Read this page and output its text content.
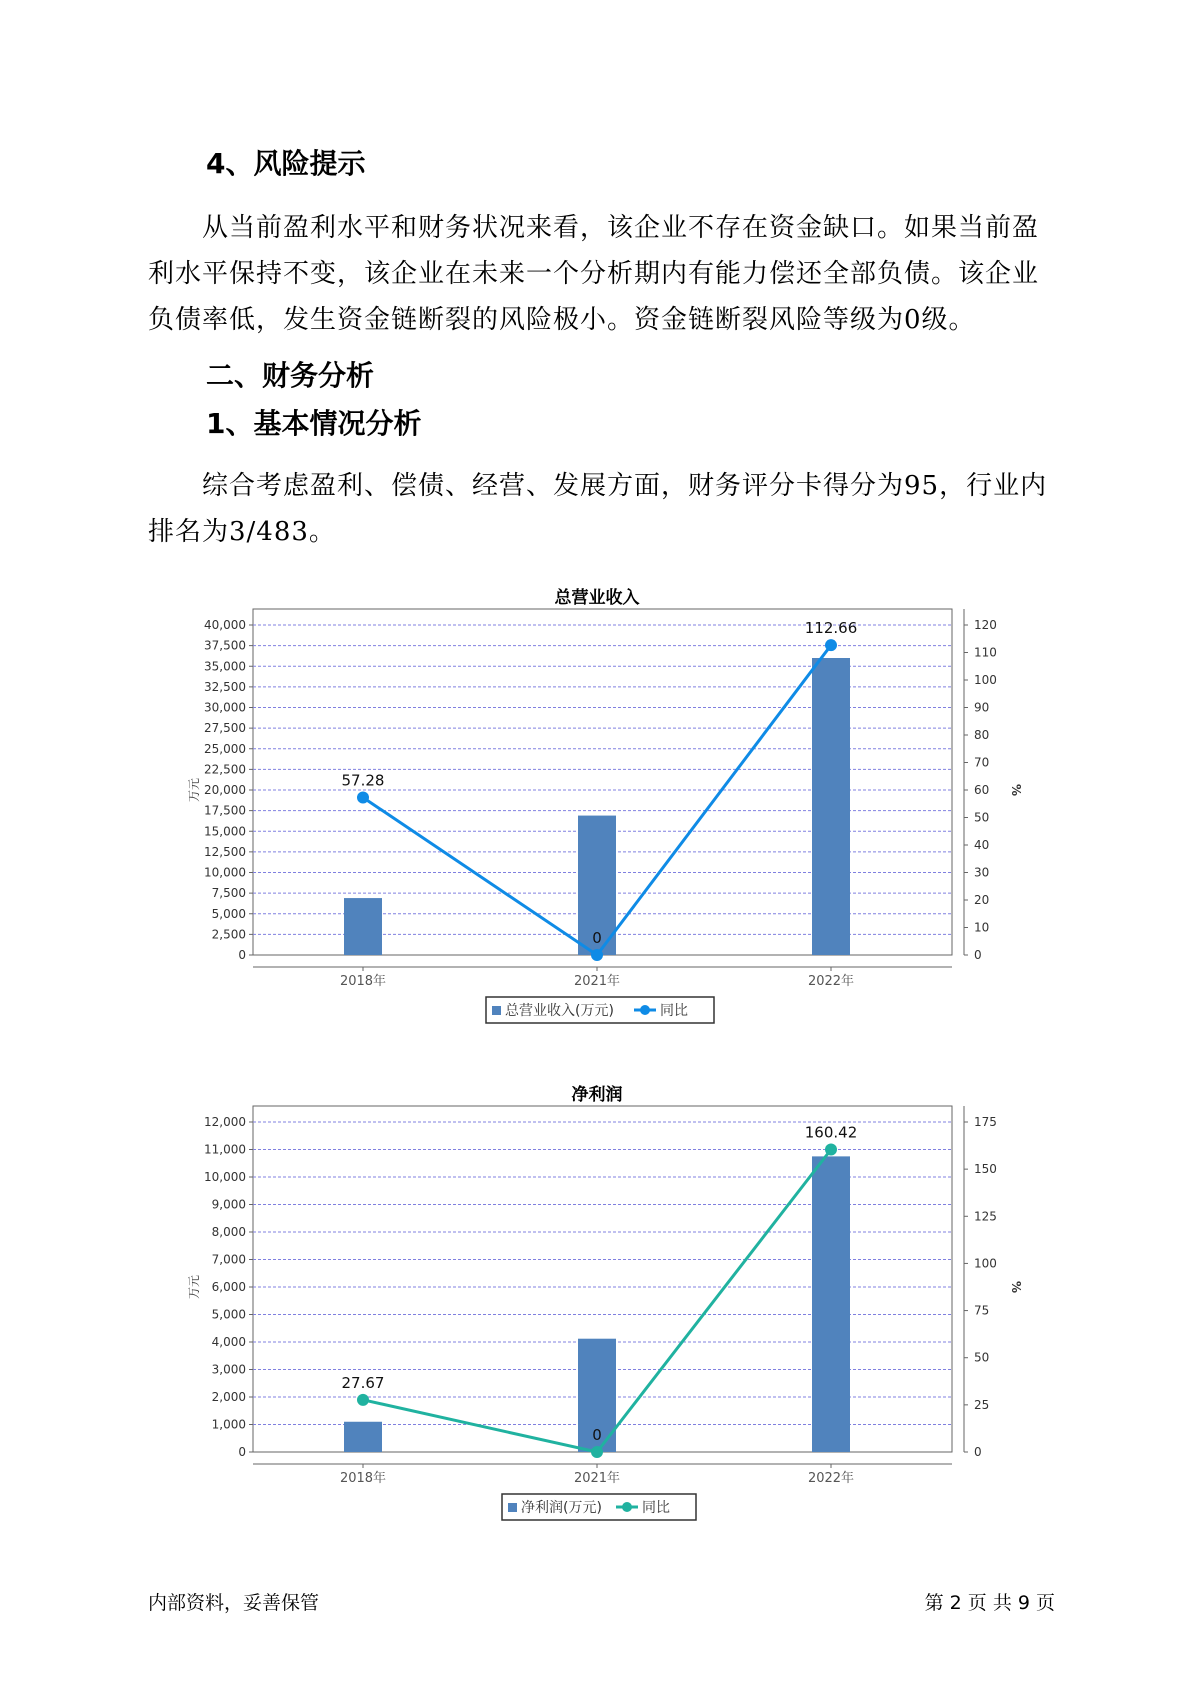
4、风险提示

从当前盈利水平和财务状况来看，该企业不存在资金缺口。如果当前盈利水平保持不变，该企业在未来一个分析期内有能力偿还全部负债。该企业负债率低，发生资金链断裂的风险极小。资金链断裂风险等级为0级。

二、财务分析
1、基本情况分析

综合考虑盈利、偿债、经营、发展方面，财务评分卡得分为95，行业内排名为3/483。

总营业收入
0
2,500
5,000
7,500
10,000
12,500
15,000
17,500
20,000
22,500
25,000
27,500
30,000
32,500
35,000
37,500
40,000
0
10
20
30
40
50
60
70
80
90
100
110
120
万元	%
2018年	2021年	2022年
57.28
0
112.66
总营业收入(万元)	同比
净利润
0
1,000
2,000
3,000
4,000
5,000
6,000
7,000
8,000
9,000
10,000
11,000
12,000
0
25
50
75
100
125
150
175
万元	%
2018年	2021年	2022年
27.67
0
160.42
净利润(万元)	同比
内部资料，妥善保管	第 2 页 共 9 页
